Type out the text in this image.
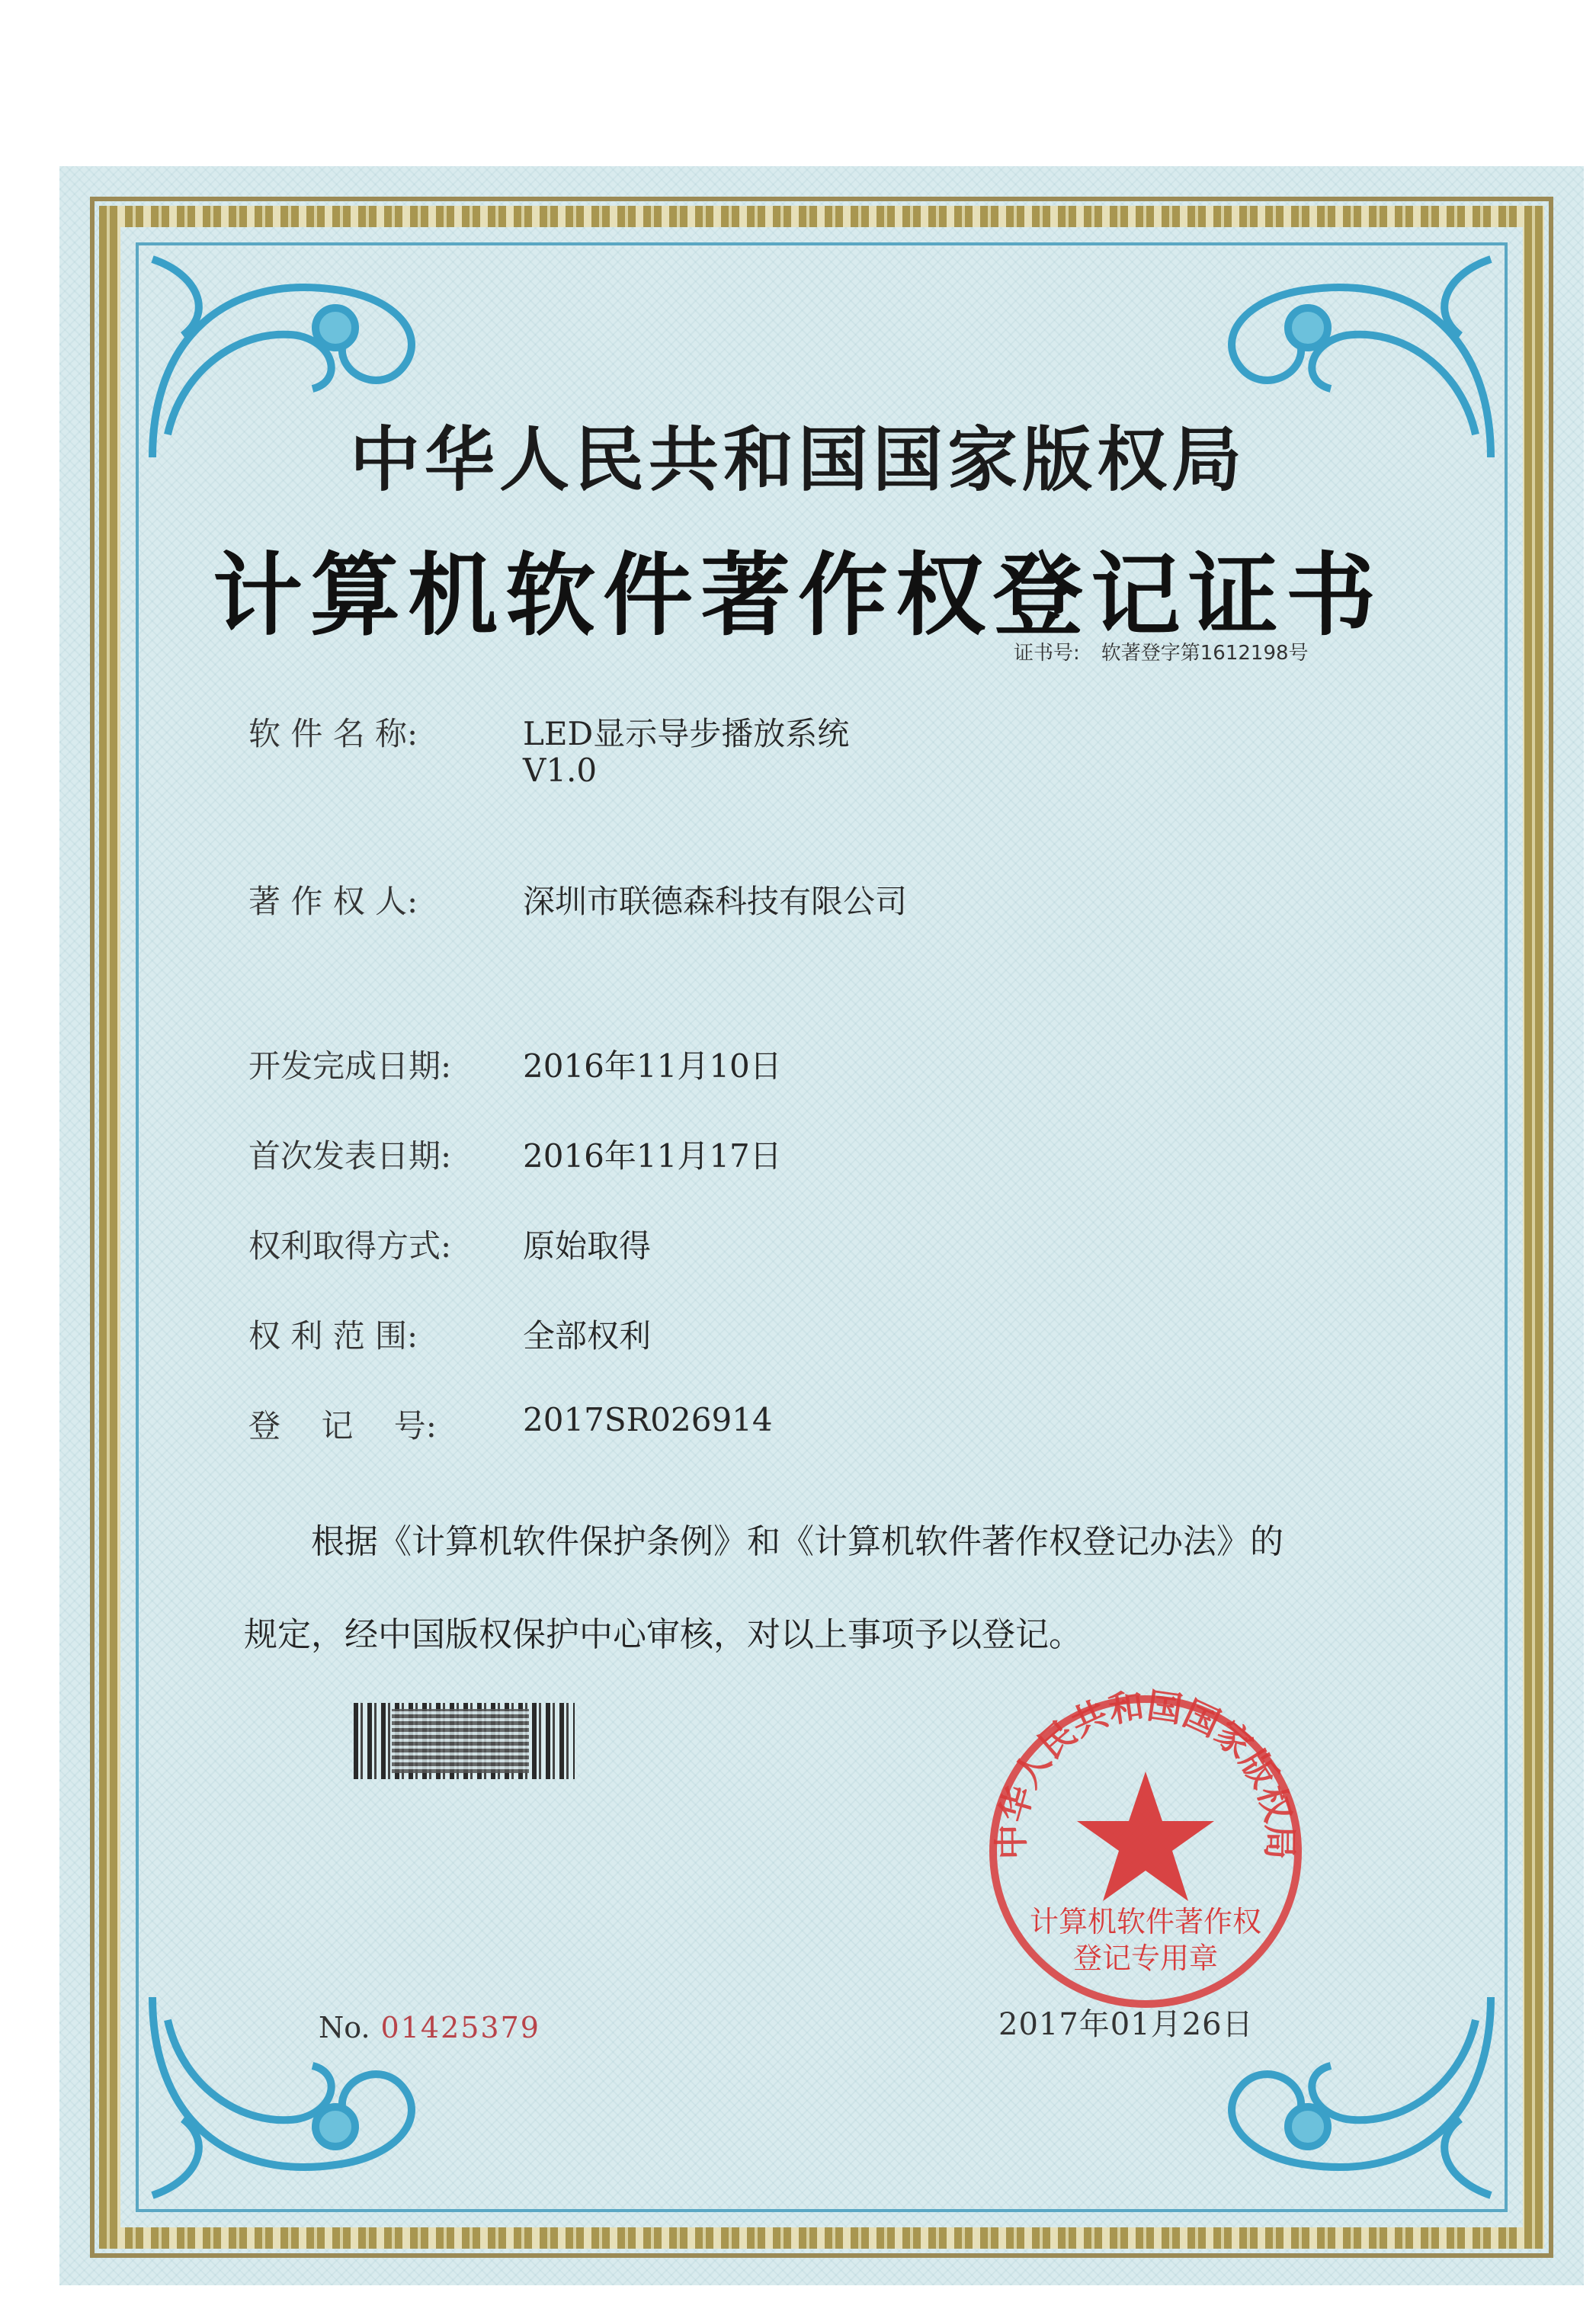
中华人民共和国国家版权局
计算机软件著作权登记证书
证书号: 软著登字第1612198号
软 件 名 称:	LED显示导步播放系统
V1.0
著 作 权 人:	深圳市联德森科技有限公司
开发完成日期:	2016年11月10日
首次发表日期:	2016年11月17日
权利取得方式:	原始取得
权 利 范 围:	全部权利
登    记    号:	2017SR026914
根据《计算机软件保护条例》和《计算机软件著作权登记办法》的
规定，经中国版权保护中心审核，对以上事项予以登记。
No. 01425379
中华人民共和国国家版权局
计算机软件著作权
登记专用章
2017年01月26日
